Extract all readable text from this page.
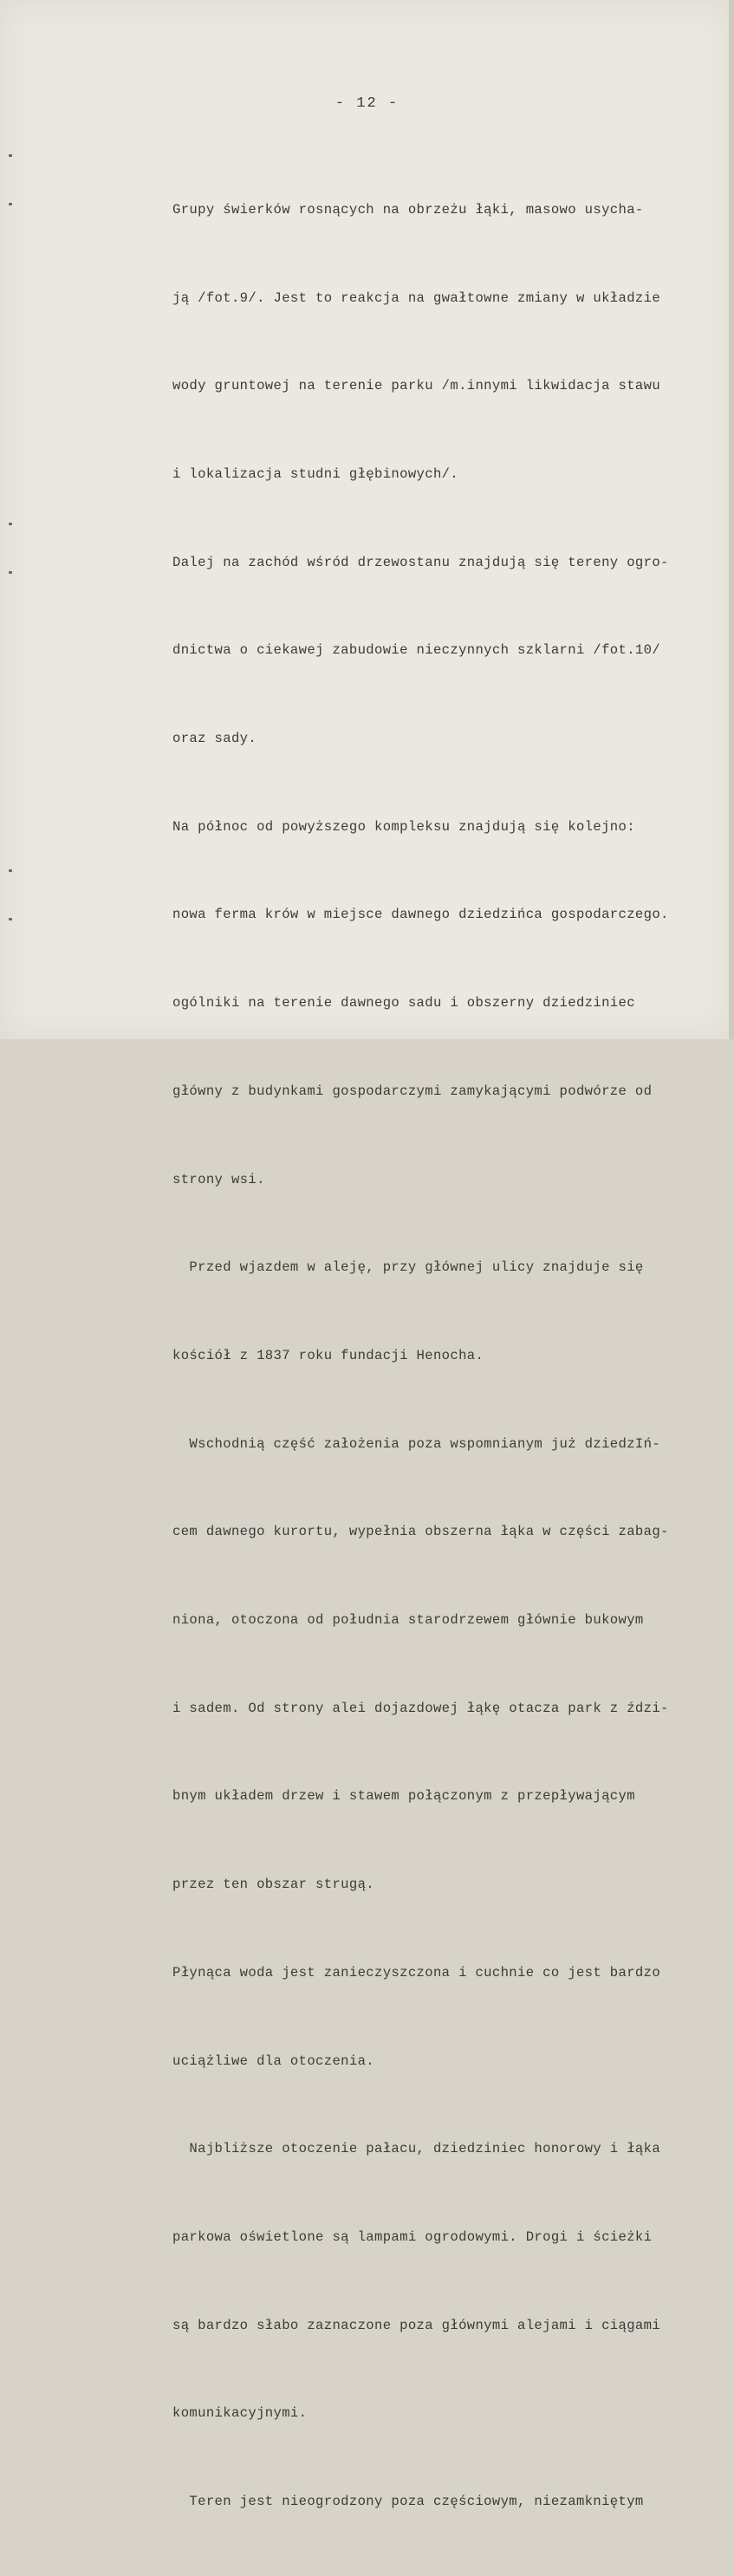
- 12 -

Grupy świerków rosnących na obrzeżu łąki, masowo usycha-

ją /fot.9/. Jest to reakcja na gwałtowne zmiany w układzie

wody gruntowej na terenie parku /m.innymi likwidacja stawu

i lokalizacja studni głębinowych/.

Dalej na zachód wśród drzewostanu znajdują się tereny ogro-

dnictwa o ciekawej zabudowie nieczynnych szklarni /fot.10/

oraz sady.

Na północ od powyższego kompleksu znajdują się kolejno:

nowa ferma krów w miejsce dawnego dziedzińca gospodarczego.

ogólniki na terenie dawnego sadu i obszerny dziedziniec

główny z budynkami gospodarczymi zamykającymi podwórze od

strony wsi.

Przed wjazdem w aleję, przy głównej ulicy znajduje się

kościół z 1837 roku fundacji Henocha.

Wschodnią część założenia poza wspomnianym już dziedzIń-

cem dawnego kurortu, wypełnia obszerna łąka w części zabag-

niona, otoczona od południa starodrzewem głównie bukowym

i sadem. Od strony alei dojazdowej łąkę otacza park z ździ-

bnym układem drzew i stawem połączonym z przepływającym

przez ten obszar strugą.

Płynąca woda jest zanieczyszczona i cuchnie co jest bardzo

uciążliwe dla otoczenia.

Najbliższe otoczenie pałacu, dziedziniec honorowy i łąka

parkowa oświetlone są lampami ogrodowymi. Drogi i ścieżki

są bardzo słabo zaznaczone poza głównymi alejami i ciągami

komunikacyjnymi.

Teren jest nieogrodzony poza częściowym, niezamkniętym
